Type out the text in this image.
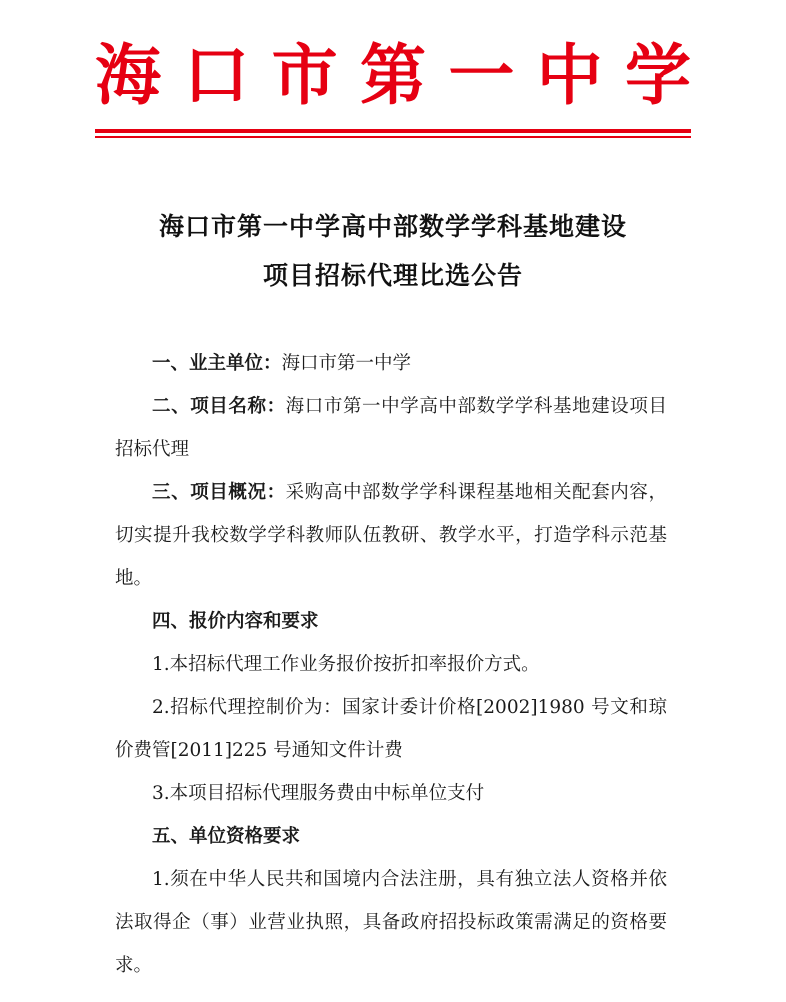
海 口 市 第 一 中 学
海口市第一中学高中部数学学科基地建设
项目招标代理比选公告

一、业主单位：海口市第一中学

二、项目名称：海口市第一中学高中部数学学科基地建设项目招标代理

三、项目概况：采购高中部数学学科课程基地相关配套内容，切实提升我校数学学科教师队伍教研、教学水平，打造学科示范基地。

四、报价内容和要求

1.本招标代理工作业务报价按折扣率报价方式。

2.招标代理控制价为：国家计委计价格[2002]1980 号文和琼价费管[2011]225 号通知文件计费

3.本项目招标代理服务费由中标单位支付

五、单位资格要求

1.须在中华人民共和国境内合法注册，具有独立法人资格并依法取得企（事）业营业执照，具备政府招投标政策需满足的资格要求。
